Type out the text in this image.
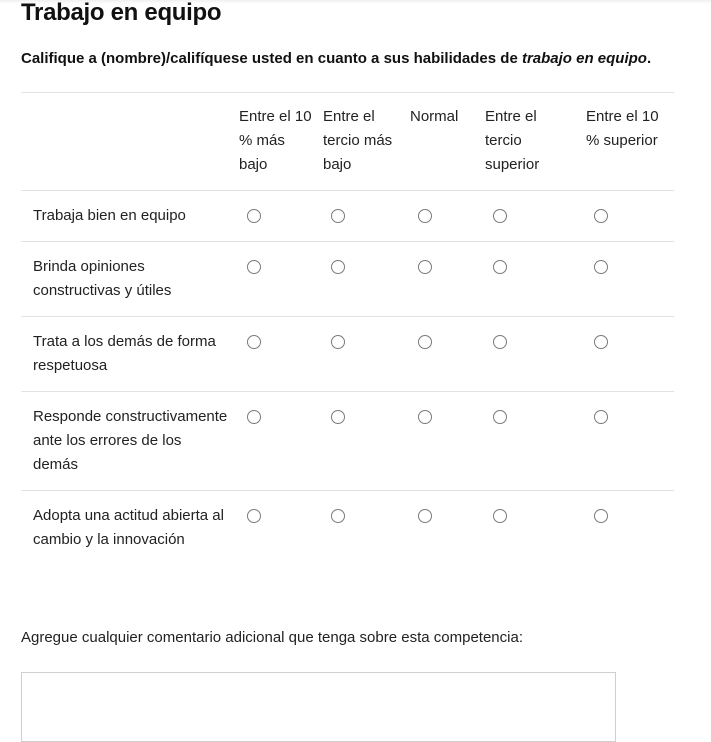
Trabajo en equipo

Califique a (nombre)/califíquese usted en cuanto a sus habilidades de trabajo en equipo.

Entre el 10 % más bajo
Entre el tercio más bajo
Normal	Entre el tercio superior
Entre el 10 % superior
Trabaja bien en equipo
Brinda opiniones constructivas y útiles
Trata a los demás de forma respetuosa
Responde constructivamente ante los errores de los demás
Adopta una actitud abierta al cambio y la innovación

Agregue cualquier comentario adicional que tenga sobre esta competencia:
